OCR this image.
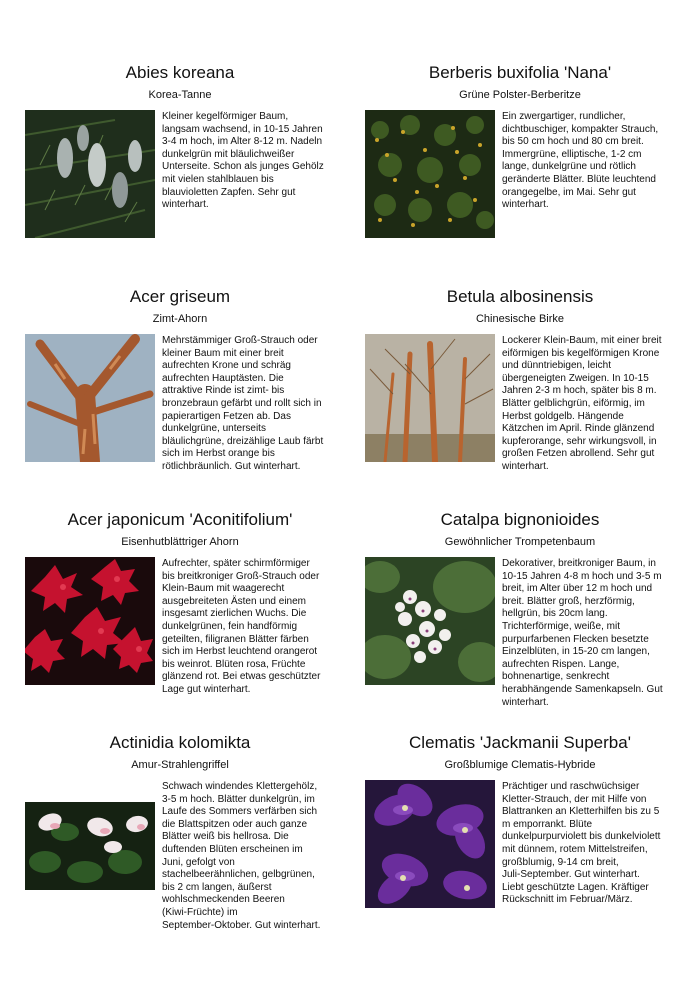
Abies koreana
Korea-Tanne
Kleiner kegelförmiger Baum,
langsam wachsend, in 10-15 Jahren
3-4 m hoch, im Alter 8-12 m. Nadeln
dunkelgrün mit bläulichweißer
Unterseite. Schon als junges Gehölz
mit vielen stahlblauen bis
blauvioletten Zapfen. Sehr gut
winterhart.
Berberis buxifolia 'Nana'
Grüne Polster-Berberitze
Ein zwergartiger, rundlicher,
dichtbuschiger, kompakter Strauch,
bis 50 cm hoch und 80 cm breit.
Immergrüne, elliptische, 1-2 cm
lange, dunkelgrüne und rötlich
geränderte Blätter. Blüte leuchtend
orangegelbe, im Mai. Sehr gut
winterhart.
Acer griseum
Zimt-Ahorn
Mehrstämmiger Groß-Strauch oder
kleiner Baum mit einer breit
aufrechten Krone und schräg
aufrechten Hauptästen. Die
attraktive Rinde ist zimt- bis
bronzebraun gefärbt und rollt sich in
papierartigen Fetzen ab. Das
dunkelgrüne, unterseits
bläulichgrüne, dreizählige Laub färbt
sich im Herbst orange bis
rötlichbräunlich. Gut winterhart.
Betula albosinensis
Chinesische Birke
Lockerer Klein-Baum, mit einer breit
eiförmigen bis kegelförmigen Krone
und dünntriebigen, leicht
übergeneigten Zweigen. In 10-15
Jahren 2-3 m hoch, später bis 8 m.
Blätter gelblichgrün, eiförmig, im
Herbst goldgelb. Hängende
Kätzchen im April. Rinde glänzend
kupferorange, sehr wirkungsvoll, in
großen Fetzen abrollend. Sehr gut
winterhart.
Acer japonicum 'Aconitifolium'
Eisenhutblättriger Ahorn
Aufrechter, später schirmförmiger
bis breitkroniger Groß-Strauch oder
Klein-Baum mit waagerecht
ausgebreiteten Ästen und einem
insgesamt zierlichen Wuchs. Die
dunkelgrünen, fein handförmig
geteilten, filigranen Blätter färben
sich im Herbst leuchtend orangerot
bis weinrot. Blüten rosa, Früchte
glänzend rot. Bei etwas geschützter
Lage gut winterhart.
Catalpa bignonioides
Gewöhnlicher Trompetenbaum
Dekorativer, breitkroniger Baum, in
10-15 Jahren 4-8 m hoch und 3-5 m
breit, im Alter über 12 m hoch und
breit. Blätter groß, herzförmig,
hellgrün, bis 20cm lang.
Trichterförmige, weiße, mit
purpurfarbenen Flecken besetzte
Einzelblüten, in 15-20 cm langen,
aufrechten Rispen. Lange,
bohnenartige, senkrecht
herabhängende Samenkapseln. Gut
winterhart.
Actinidia kolomikta
Amur-Strahlengriffel
Schwach windendes Klettergehölz,
3-5 m hoch. Blätter dunkelgrün, im
Laufe des Sommers verfärben sich
die Blattspitzen oder auch ganze
Blätter weiß bis hellrosa. Die
duftenden Blüten erscheinen im
Juni, gefolgt von
stachelbeerähnlichen, gelbgrünen,
bis 2 cm langen, äußerst
wohlschmeckenden Beeren
(Kiwi-Früchte) im
September-Oktober. Gut winterhart.
Clematis 'Jackmanii Superba'
Großblumige Clematis-Hybride
Prächtiger und raschwüchsiger
Kletter-Strauch, der mit Hilfe von
Blattranken an Kletterhilfen bis zu 5
m emporrankt. Blüte
dunkelpurpurviolett bis dunkelviolett
mit dünnem, rotem Mittelstreifen,
großblumig, 9-14 cm breit,
Juli-September. Gut winterhart.
Liebt geschützte Lagen. Kräftiger
Rückschnitt im Februar/März.
